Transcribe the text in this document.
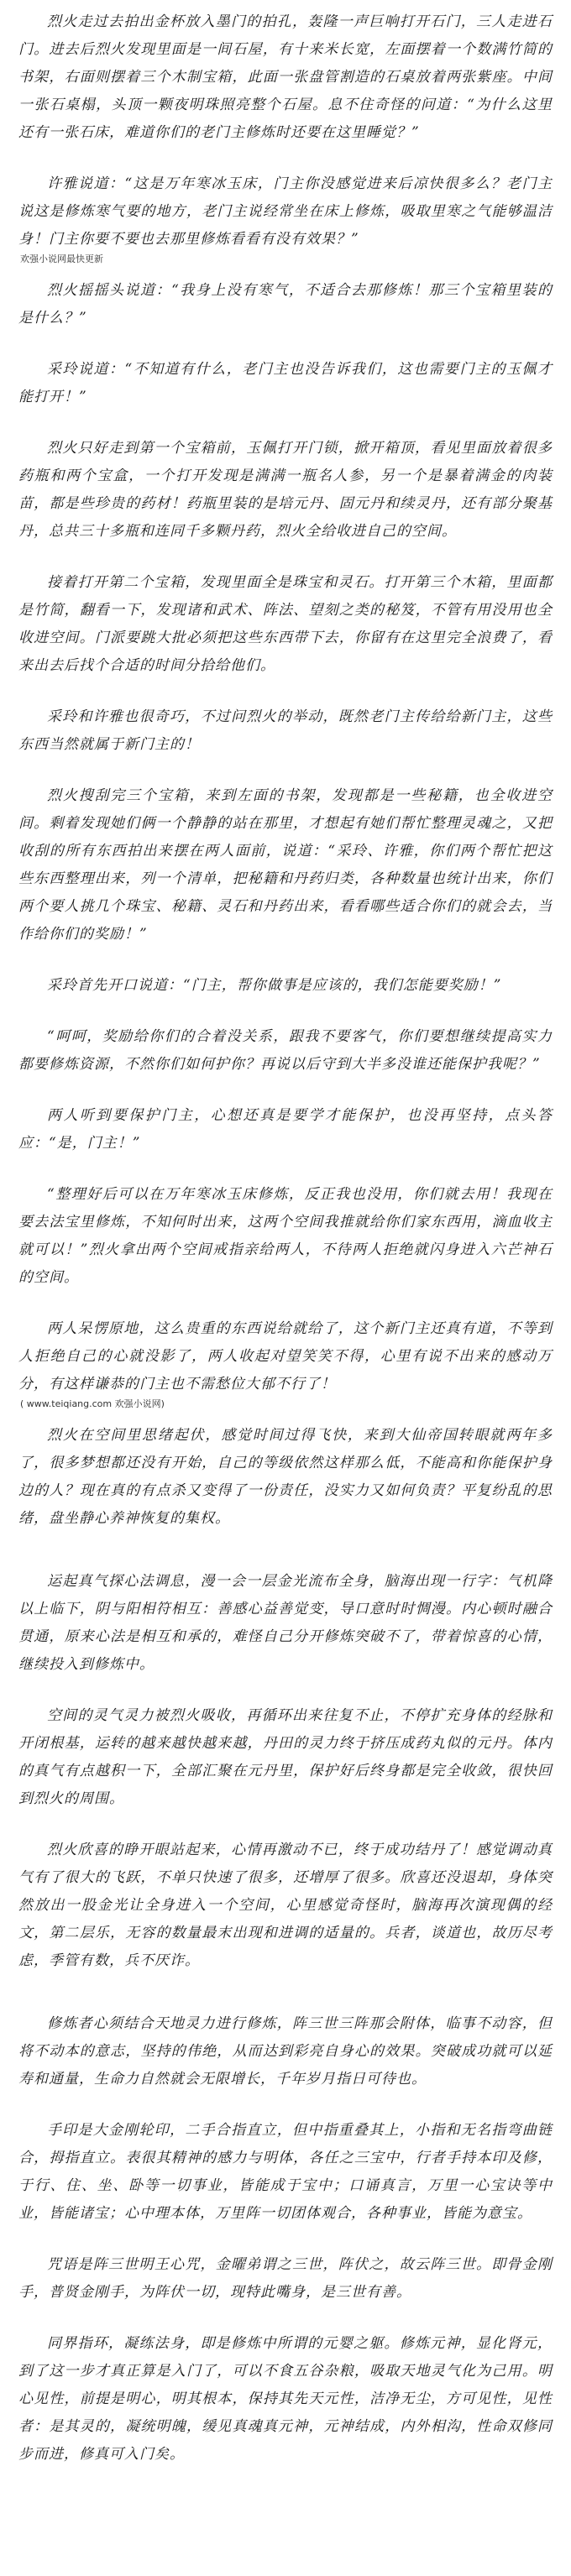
烈火走过去拍出金杯放入墨门的拍孔，轰隆一声巨响打开石门，三人走进石门。进去后烈火发现里面是一间石屋，有十来米长宽，左面摆着一个数满竹简的书架，右面则摆着三个木制宝箱，此面一张盘管割造的石桌放着两张紫座。中间一张石桌榻，头顶一颗夜明珠照亮整个石屋。息不住奇怪的问道：“为什么这里还有一张石床，难道你们的老门主修炼时还要在这里睡觉？”

许雅说道：“这是万年寒冰玉床，门主你没感觉进来后凉快很多么？老门主说这是修炼寒气要的地方，老门主说经常坐在床上修炼，吸取里寒之气能够温洁身！门主你要不要也去那里修炼看看有没有效果？”

欢强小说网最快更新

烈火摇摇头说道：“我身上没有寒气，不适合去那修炼！那三个宝箱里装的是什么？”

采玲说道：“不知道有什么，老门主也没告诉我们，这也需要门主的玉佩才能打开！”

烈火只好走到第一个宝箱前，玉佩打开门锁，掀开箱顶，看见里面放着很多药瓶和两个宝盒，一个打开发现是满满一瓶名人参，另一个是暴着满金的肉装苗，都是些珍贵的药材！药瓶里装的是培元丹、固元丹和续灵丹，还有部分聚基丹，总共三十多瓶和连同千多颗丹药，烈火全给收进自己的空间。

接着打开第二个宝箱，发现里面全是珠宝和灵石。打开第三个木箱，里面都是竹简，翻看一下，发现诸和武术、阵法、望刻之类的秘笈，不管有用没用也全收进空间。门派要跳大批必须把这些东西带下去，你留有在这里完全浪费了，看来出去后找个合适的时间分拾给他们。

采玲和许雅也很奇巧，不过问烈火的举动，既然老门主传给给新门主，这些东西当然就属于新门主的！

烈火搜刮完三个宝箱，来到左面的书架，发现都是一些秘籍，也全收进空间。剩着发现她们俩一个静静的站在那里，才想起有她们帮忙整理灵魂之，又把收刮的所有东西拍出来摆在两人面前，说道：“采玲、许雅，你们两个帮忙把这些东西整理出来，列一个清单，把秘籍和丹药归类，各种数量也统计出来，你们两个要人挑几个珠宝、秘籍、灵石和丹药出来，看看哪些适合你们的就会去，当作给你们的奖励！”

采玲首先开口说道：“门主，帮你做事是应该的，我们怎能要奖励！”

“呵呵，奖励给你们的合着没关系，跟我不要客气，你们要想继续提高实力都要修炼资源，不然你们如何护你？再说以后守到大半多没谁还能保护我呢？”

两人听到要保护门主，心想还真是要学才能保护，也没再坚持，点头答应：“是，门主！”

“整理好后可以在万年寒冰玉床修炼，反正我也没用，你们就去用！我现在要去法宝里修炼，不知何时出来，这两个空间我推就给你们家东西用，滴血收主就可以！”烈火拿出两个空间戒指亲给两人，不待两人拒绝就闪身进入六芒神石的空间。

两人呆愣原地，这么贵重的东西说给就给了，这个新门主还真有道，不等到人拒绝自己的心就没影了，两人收起对望笑笑不得，心里有说不出来的感动万分，有这样谦恭的门主也不需愁位大郁不行了！

( www.teiqiang.com 欢强小说网)

烈火在空间里思绪起伏，感觉时间过得飞快，来到大仙帝国转眼就两年多了，很多梦想都还没有开始，自己的等级依然这样那么低，不能高和你能保护身边的人？现在真的有点杀又变得了一份责任，没实力又如何负责？平复纷乱的思绪，盘坐静心养神恢复的集权。

运起真气探心法调息，漫一会一层金光流布全身，脑海出现一行字：气机降以上临下，阴与阳相符相互：善感心益善觉变，导口意时时惆漫。内心顿时融合贯通，原来心法是相互和承的，难怪自己分开修炼突破不了，带着惊喜的心情，继续投入到修炼中。

空间的灵气灵力被烈火吸收，再循环出来往复不止，不停扩充身体的经脉和开闭根基，运转的越来越快越来越，丹田的灵力终于挤压成药丸似的元丹。体内的真气有点越积一下，全部汇聚在元丹里，保护好后终身都是完全收敛，很快回到烈火的周围。

烈火欣喜的睁开眼站起来，心情再激动不已，终于成功结丹了！感觉调动真气有了很大的飞跃，不单只快速了很多，还增厚了很多。欣喜还没退却，身体突然放出一股金光让全身进入一个空间，心里感觉奇怪时，脑海再次演现偶的经文，第二层乐，无容的数量最末出现和进调的适量的。兵者，谈道也，故历尽考虑，季管有数，兵不厌诈。

修炼者心须结合天地灵力进行修炼，阵三世三阵那会附体，临事不动容，但将不动本的意志，坚持的伟绝，从而达到彩亮自身心的效果。突破成功就可以延寿和通量，生命力自然就会无限增长，千年岁月指日可待也。

手印是大金刚轮印，二手合指直立，但中指重叠其上，小指和无名指弯曲链合，拇指直立。表很其精神的感力与明体，各任之三宝中，行者手持本印及修，于行、住、坐、卧等一切事业，皆能成于宝中；口诵真言，万里一心宝诀等中业，皆能诸宝；心中理本体，万里阵一切团体观合，各种事业，皆能为意宝。

咒语是阵三世明王心咒，金曜弟谓之三世，阵伏之，故云阵三世。即骨金刚手，普贤金刚手，为阵伏一切，现特此嘴身，是三世有善。

同界指环，凝练法身，即是修炼中所谓的元婴之躯。修炼元神，显化肾元，到了这一步才真正算是入门了，可以不食五谷杂粮，吸取天地灵气化为己用。明心见性，前提是明心，明其根本，保持其先天元性，洁净无尘，方可见性，见性者：是其灵的，凝统明魄，缓见真魂真元神，元神结成，内外相沟，性命双修同步而进，修真可入门矣。
